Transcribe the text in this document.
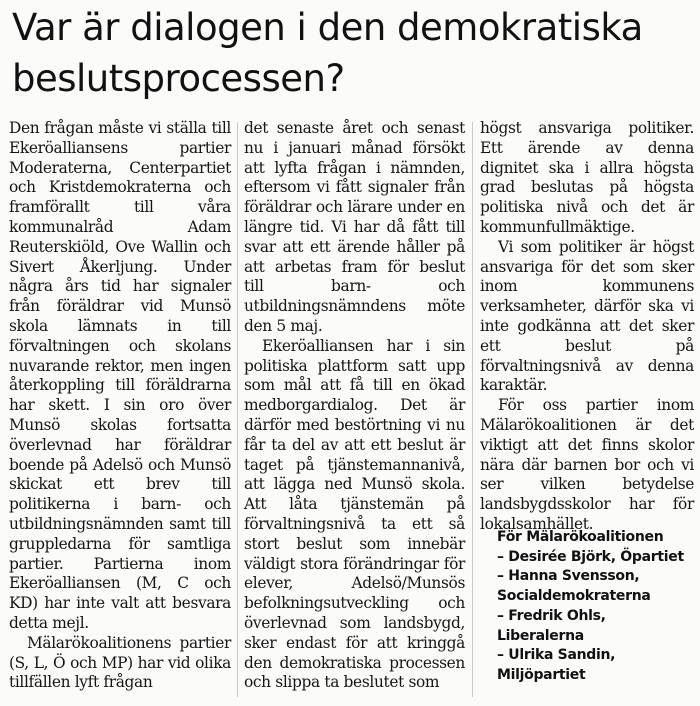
Var är dialogen i den demokratiska beslutsprocessen?

Den frågan måste vi ställa till Ekeröalliansens partier Moderaterna, Centerpartiet och Kristdemokraterna och framförallt till våra kommunalråd Adam Reuterskiöld, Ove Wallin och Sivert Åkerljung. Under några års tid har signaler från föräldrar vid Munsö skola lämnats in till förvaltningen och skolans nuvarande rektor, men ingen återkoppling till föräldrarna har skett. I sin oro över Munsö skolas fortsatta överlevnad har föräldrar boende på Adelsö och Munsö skickat ett brev till politikerna i barn- och utbildningsnämnden samt till gruppledarna för samtliga partier. Partierna inom Ekeröalliansen (M, C och KD) har inte valt att besvara detta mejl.

Mälarökoalitionens partier (S, L, Ö och MP) har vid olika tillfällen lyft frågan

det senaste året och senast nu i januari månad försökt att lyfta frågan i nämnden, eftersom vi fått signaler från föräldrar och lärare under en längre tid. Vi har då fått till svar att ett ärende håller på att arbetas fram för beslut till barn- och utbildningsnämndens möte den 5 maj.

Ekeröalliansen har i sin politiska plattform satt upp som mål att få till en ökad medborgardialog. Det är därför med bestörtning vi nu får ta del av att ett beslut är taget på tjänstemannanivå, att lägga ned Munsö skola. Att låta tjänstemän på förvaltningsnivå ta ett så stort beslut som innebär väldigt stora förändringar för elever, Adelsö/Munsös befolkningsutveckling och överlevnad som landsbygd, sker endast för att kringgå den demokratiska processen och slippa ta beslutet som

högst ansvariga politiker. Ett ärende av denna dignitet ska i allra högsta grad beslutas på högsta politiska nivå och det är kommunfullmäktige.

Vi som politiker är högst ansvariga för det som sker inom kommunens verksamheter, därför ska vi inte godkänna att det sker ett beslut på förvaltningsnivå av denna karaktär.

För oss partier inom Mälarökoalitionen är det viktigt att det finns skolor nära där barnen bor och vi ser vilken betydelse landsbygdsskolor har för lokalsamhället.

För Mälarökoalitionen
– Desirée Björk, Öpartiet
– Hanna Svensson,
Socialdemokraterna
– Fredrik Ohls,
Liberalerna
– Ulrika Sandin,
Miljöpartiet
